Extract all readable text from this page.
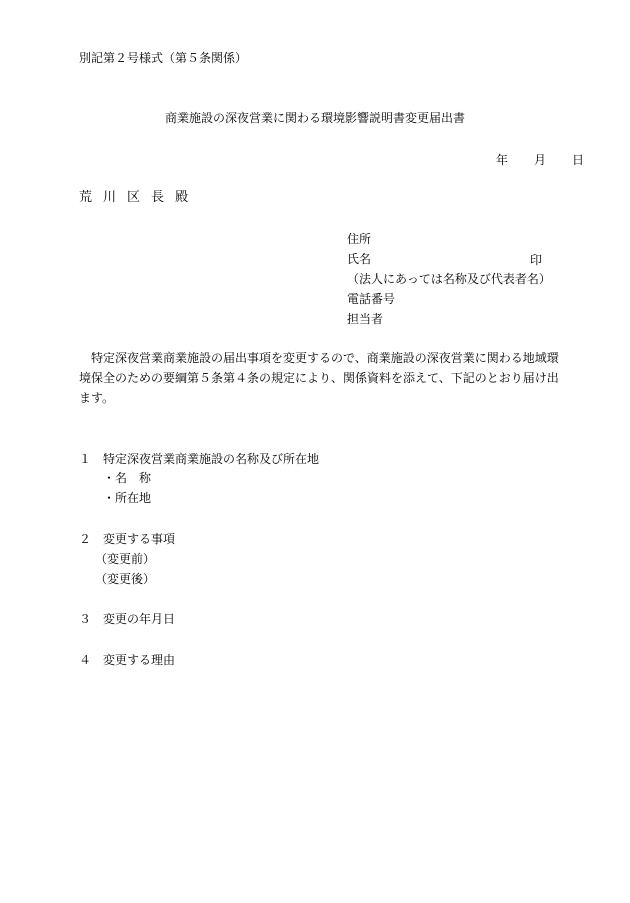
別記第２号様式（第５条関係）
商業施設の深夜営業に関わる環境影響説明書変更届出書
年 月 日
荒 川 区 長 殿
住所
氏名
（法人にあっては名称及び代表者名）
電話番号
担当者
印
特定深夜営業商業施設の届出事項を変更するので、商業施設の深夜営業に関わる地域環境保全のための要綱第５条第４条の規定により、関係資料を添えて、下記のとおり届け出ます。
１ 特定深夜営業商業施設の名称及び所在地
・名　称
・所在地
２ 変更する事項
（変更前）
（変更後）
３ 変更の年月日
４ 変更する理由
